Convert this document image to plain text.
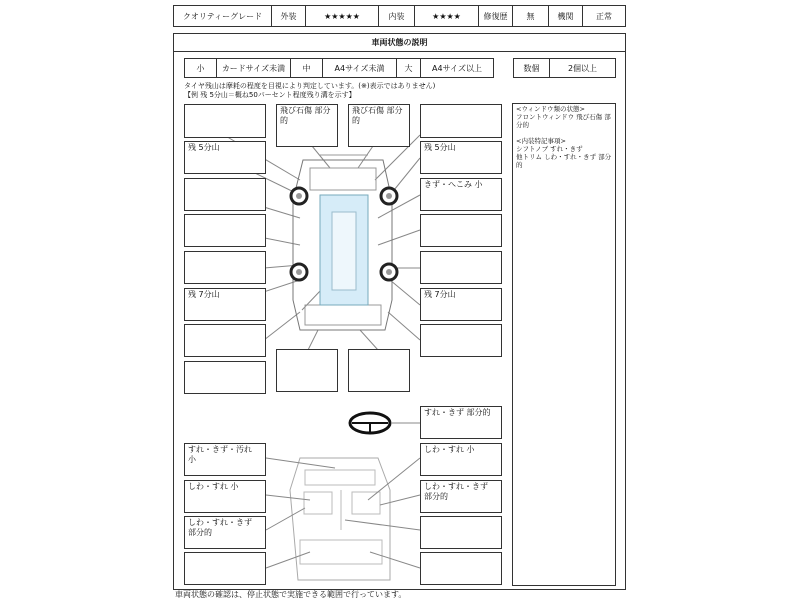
クオリティーグレード	外装	★★★★★	内装	★★★★	修復歴	無	機関	正常
車両状態の説明
小	カードサイズ未満	中	A4サイズ未満	大	A4サイズ以上	数個	2個以上
タイヤ残山は摩耗の程度を目視により判定しています。(※)表示ではありません)
【例 残 5分山＝概ね50パーセント程度残り溝を示す】
<ウィンドウ類の状態>
フロントウィンドウ 飛び石傷 部分的

<内装特記事項>
シフトノブ すれ・きず
他トリム しわ・すれ・きず 部分的
残 5分山
残 7分山
飛び石傷 部分的
飛び石傷 部分的
残 5分山
きず・へこみ 小
残 7分山
すれ・きず 部分的
すれ・きず・汚れ 小
しわ・すれ 小
しわ・すれ・きず 部分的
しわ・すれ 小
しわ・すれ・きず 部分的
車両状態の確認は、停止状態で実施できる範囲で行っています。
